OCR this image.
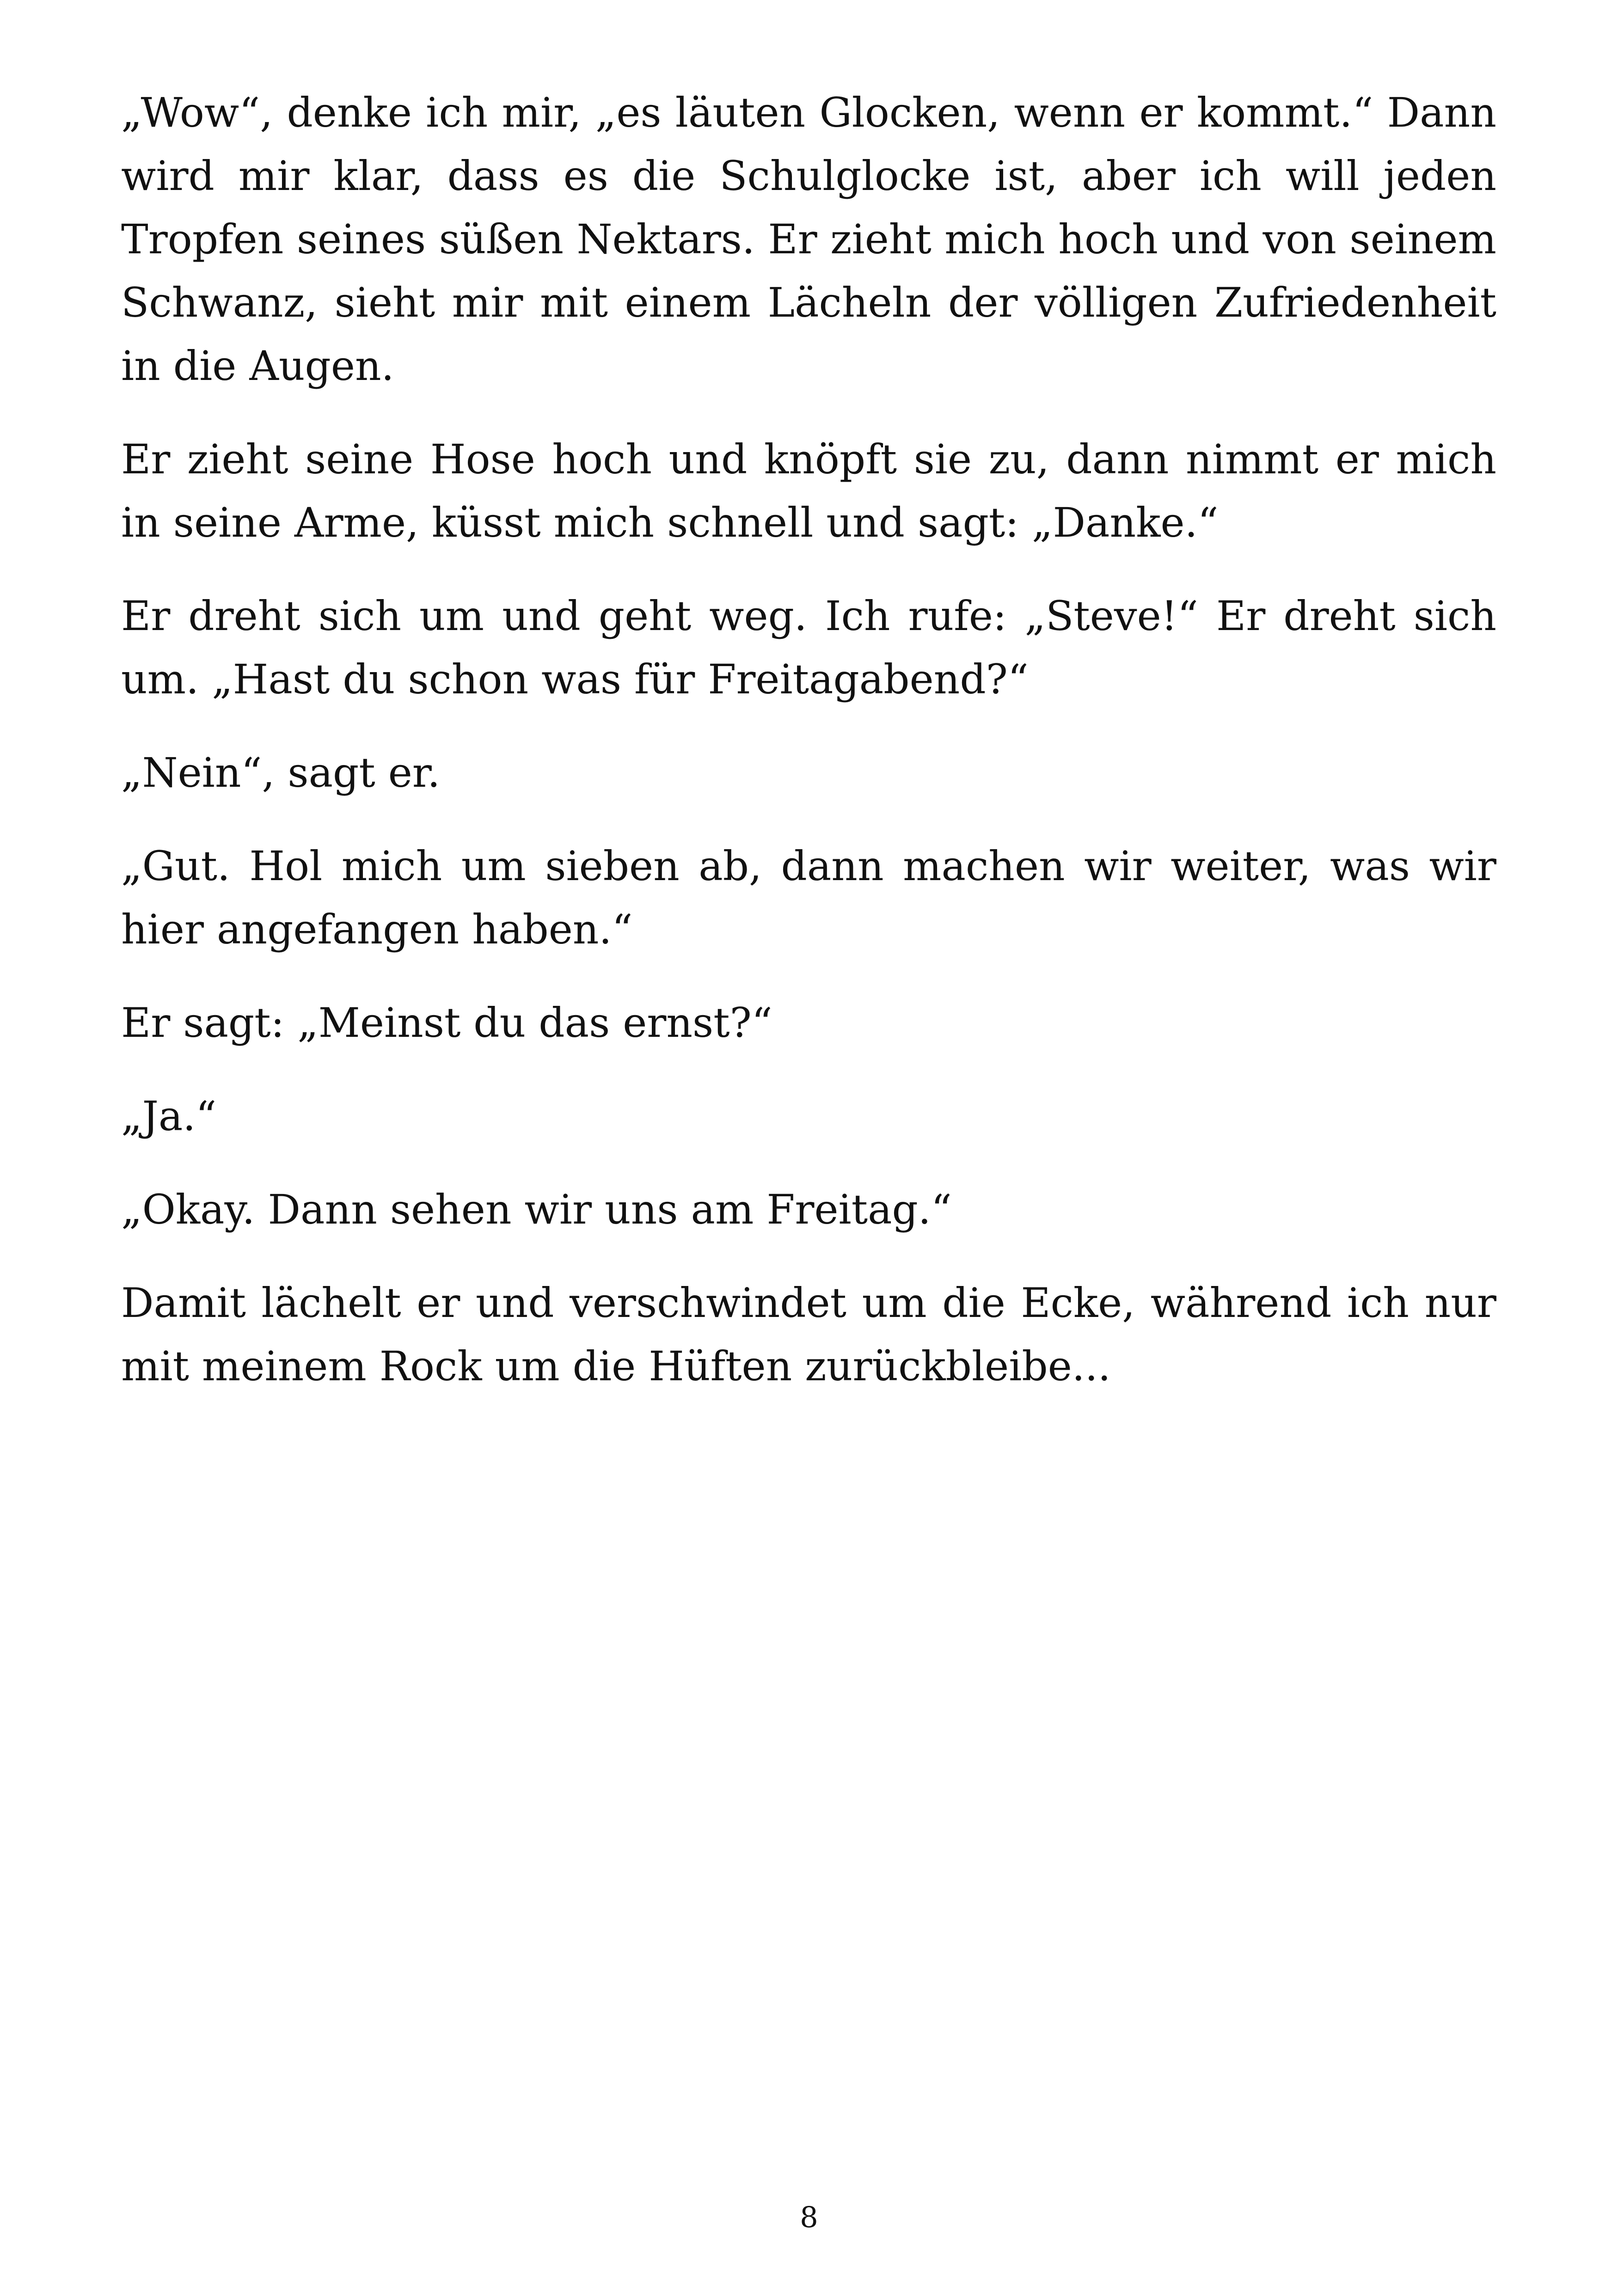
„Wow“, denke ich mir, „es läuten Glocken, wenn er kommt.“ Dann wird mir klar, dass es die Schulglocke ist, aber ich will jeden Tropfen seines süßen Nektars. Er zieht mich hoch und von seinem Schwanz, sieht mir mit einem Lächeln der völligen Zufriedenheit in die Augen.

Er zieht seine Hose hoch und knöpft sie zu, dann nimmt er mich in seine Arme, küsst mich schnell und sagt: „Danke.“

Er dreht sich um und geht weg. Ich rufe: „Steve!“ Er dreht sich um. „Hast du schon was für Freitagabend?“

„Nein“, sagt er.

„Gut. Hol mich um sieben ab, dann machen wir weiter, was wir hier angefangen haben.“

Er sagt: „Meinst du das ernst?“

„Ja.“

„Okay. Dann sehen wir uns am Freitag.“

Damit lächelt er und verschwindet um die Ecke, während ich nur mit meinem Rock um die Hüften zurückbleibe...

8
